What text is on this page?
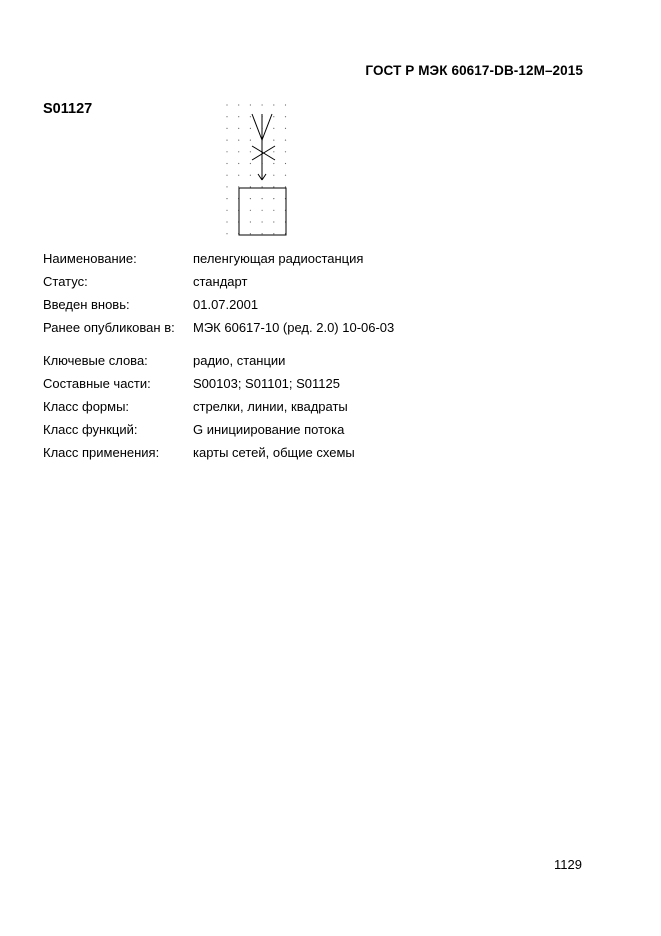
ГОСТ Р МЭК 60617-DB-12M–2015
S01127
Наименование:	пеленгующая радиостанция
Статус:	стандарт
Введен вновь:	01.07.2001
Ранее опубликован в:	МЭК 60617-10 (ред. 2.0) 10-06-03
Ключевые слова:	радио, станции
Составные части:	S00103; S01101; S01125
Класс формы:	стрелки, линии, квадраты
Класс функций:	G инициирование потока
Класс применения:	карты сетей, общие схемы
1129
